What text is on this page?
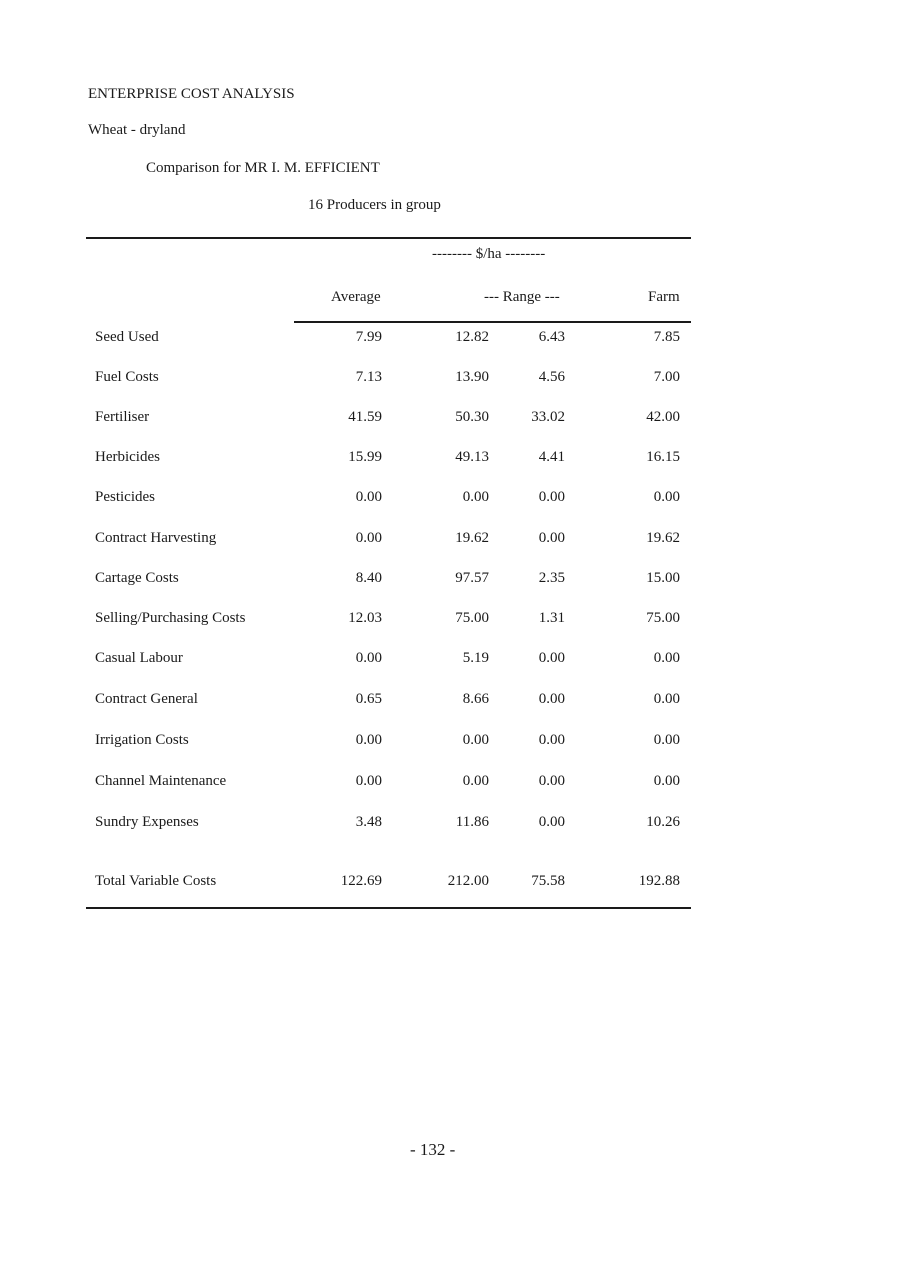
ENTERPRISE COST ANALYSIS
Wheat - dryland
Comparison for MR I. M. EFFICIENT
16 Producers in group
-------- $/ha --------
Average	--- Range ---	Farm
Seed Used	7.99	12.82	6.43	7.85
Fuel Costs	7.13	13.90	4.56	7.00
Fertiliser	41.59	50.30	33.02	42.00
Herbicides	15.99	49.13	4.41	16.15
Pesticides	0.00	0.00	0.00	0.00
Contract Harvesting	0.00	19.62	0.00	19.62
Cartage Costs	8.40	97.57	2.35	15.00
Selling/Purchasing Costs	12.03	75.00	1.31	75.00
Casual Labour	0.00	5.19	0.00	0.00
Contract General	0.65	8.66	0.00	0.00
Irrigation Costs	0.00	0.00	0.00	0.00
Channel Maintenance	0.00	0.00	0.00	0.00
Sundry Expenses	3.48	11.86	0.00	10.26
Total Variable Costs	122.69	212.00	75.58	192.88
- 132 -
